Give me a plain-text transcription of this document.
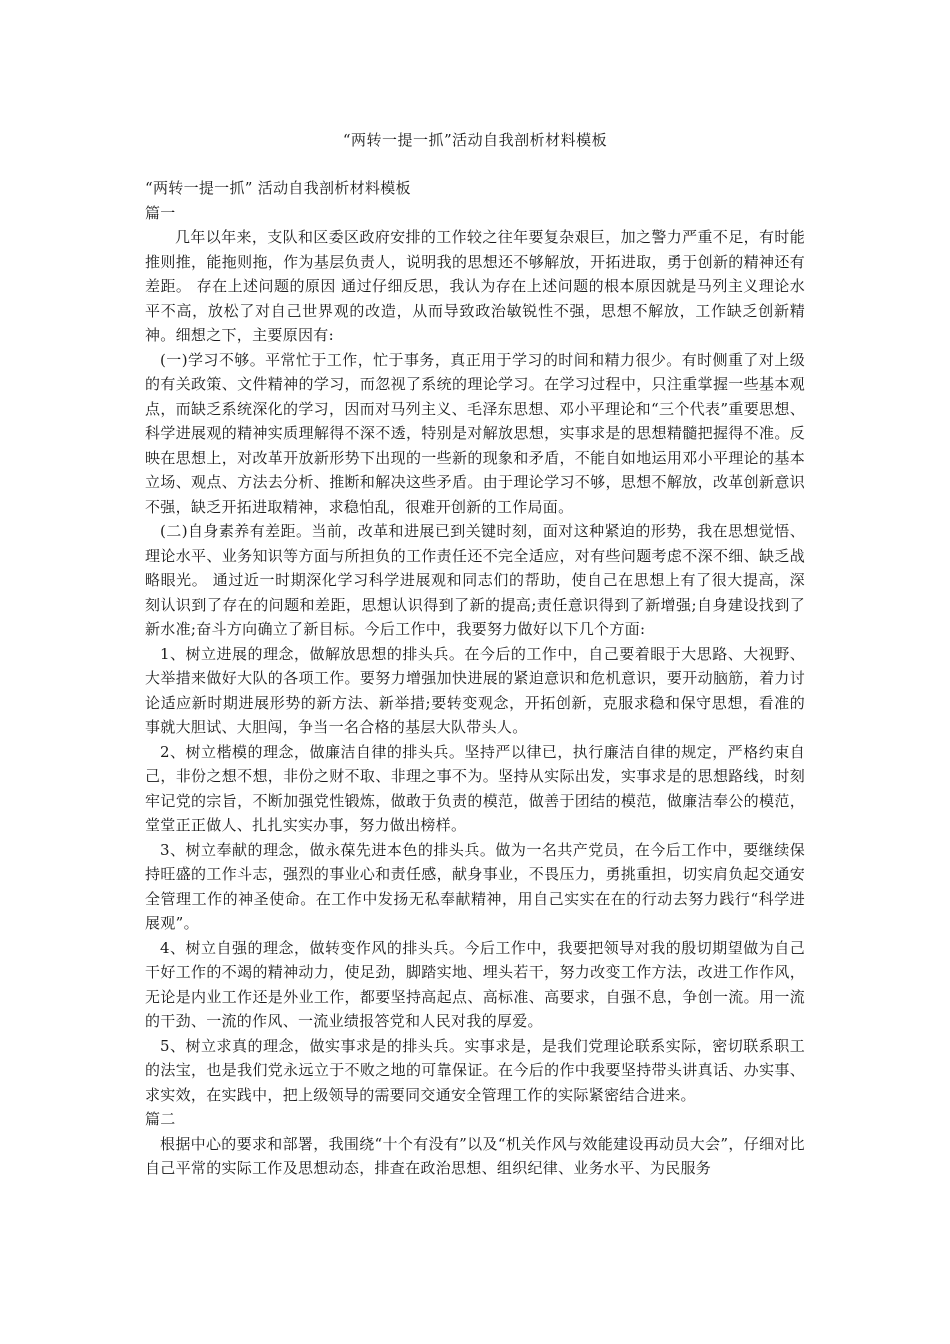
“两转一提一抓”活动自我剖析材料模板

“两转一提一抓” 活动自我剖析材料模板

篇一

几年以年来，支队和区委区政府安排的工作较之往年要复杂艰巨，加之警力严重不足，有时能推则推，能拖则拖，作为基层负责人，说明我的思想还不够解放，开拓进取，勇于创新的精神还有差距。 存在上述问题的原因 通过仔细反思，我认为存在上述问题的根本原因就是马列主义理论水平不高，放松了对自己世界观的改造，从而导致政治敏锐性不强，思想不解放，工作缺乏创新精神。细想之下，主要原因有:

(一)学习不够。平常忙于工作，忙于事务，真正用于学习的时间和精力很少。有时侧重了对上级的有关政策、文件精神的学习，而忽视了系统的理论学习。在学习过程中，只注重掌握一些基本观点，而缺乏系统深化的学习，因而对马列主义、毛泽东思想、邓小平理论和“三个代表”重要思想、科学进展观的精神实质理解得不深不透，特别是对解放思想，实事求是的思想精髓把握得不准。反映在思想上，对改革开放新形势下出现的一些新的现象和矛盾，不能自如地运用邓小平理论的基本立场、观点、方法去分析、推断和解决这些矛盾。由于理论学习不够，思想不解放，改革创新意识不强，缺乏开拓进取精神，求稳怕乱，很难开创新的工作局面。

(二)自身素养有差距。当前，改革和进展已到关键时刻，面对这种紧迫的形势，我在思想觉悟、理论水平、业务知识等方面与所担负的工作责任还不完全适应，对有些问题考虑不深不细、缺乏战略眼光。 通过近一时期深化学习科学进展观和同志们的帮助，使自己在思想上有了很大提高，深刻认识到了存在的问题和差距，思想认识得到了新的提高;责任意识得到了新增强;自身建设找到了新水准;奋斗方向确立了新目标。今后工作中，我要努力做好以下几个方面:

1、树立进展的理念，做解放思想的排头兵。在今后的工作中，自己要着眼于大思路、大视野、大举措来做好大队的各项工作。要努力增强加快进展的紧迫意识和危机意识，要开动脑筋，着力讨论适应新时期进展形势的新方法、新举措;要转变观念，开拓创新，克服求稳和保守思想，看准的事就大胆试、大胆闯，争当一名合格的基层大队带头人。

2、树立楷模的理念，做廉洁自律的排头兵。坚持严以律已，执行廉洁自律的规定，严格约束自己，非份之想不想，非份之财不取、非理之事不为。坚持从实际出发，实事求是的思想路线，时刻牢记党的宗旨，不断加强党性锻炼，做敢于负责的模范，做善于团结的模范，做廉洁奉公的模范，堂堂正正做人、扎扎实实办事，努力做出榜样。

3、树立奉献的理念，做永葆先进本色的排头兵。做为一名共产党员，在今后工作中，要继续保持旺盛的工作斗志，强烈的事业心和责任感，献身事业，不畏压力，勇挑重担，切实肩负起交通安全管理工作的神圣使命。在工作中发扬无私奉献精神，用自己实实在在的行动去努力践行“科学进展观”。

4、树立自强的理念，做转变作风的排头兵。今后工作中，我要把领导对我的殷切期望做为自己干好工作的不竭的精神动力，使足劲，脚踏实地、埋头若干，努力改变工作方法，改进工作作风，无论是内业工作还是外业工作，都要坚持高起点、高标准、高要求，自强不息，争创一流。用一流的干劲、一流的作风、一流业绩报答党和人民对我的厚爱。

5、树立求真的理念，做实事求是的排头兵。实事求是，是我们党理论联系实际，密切联系职工的法宝，也是我们党永远立于不败之地的可靠保证。在今后的作中我要坚持带头讲真话、办实事、求实效，在实践中，把上级领导的需要同交通安全管理工作的实际紧密结合进来。

篇二

根据中心的要求和部署，我围绕“十个有没有”以及“机关作风与效能建设再动员大会”，仔细对比自己平常的实际工作及思想动态，排查在政治思想、组织纪律、业务水平、为民服务
